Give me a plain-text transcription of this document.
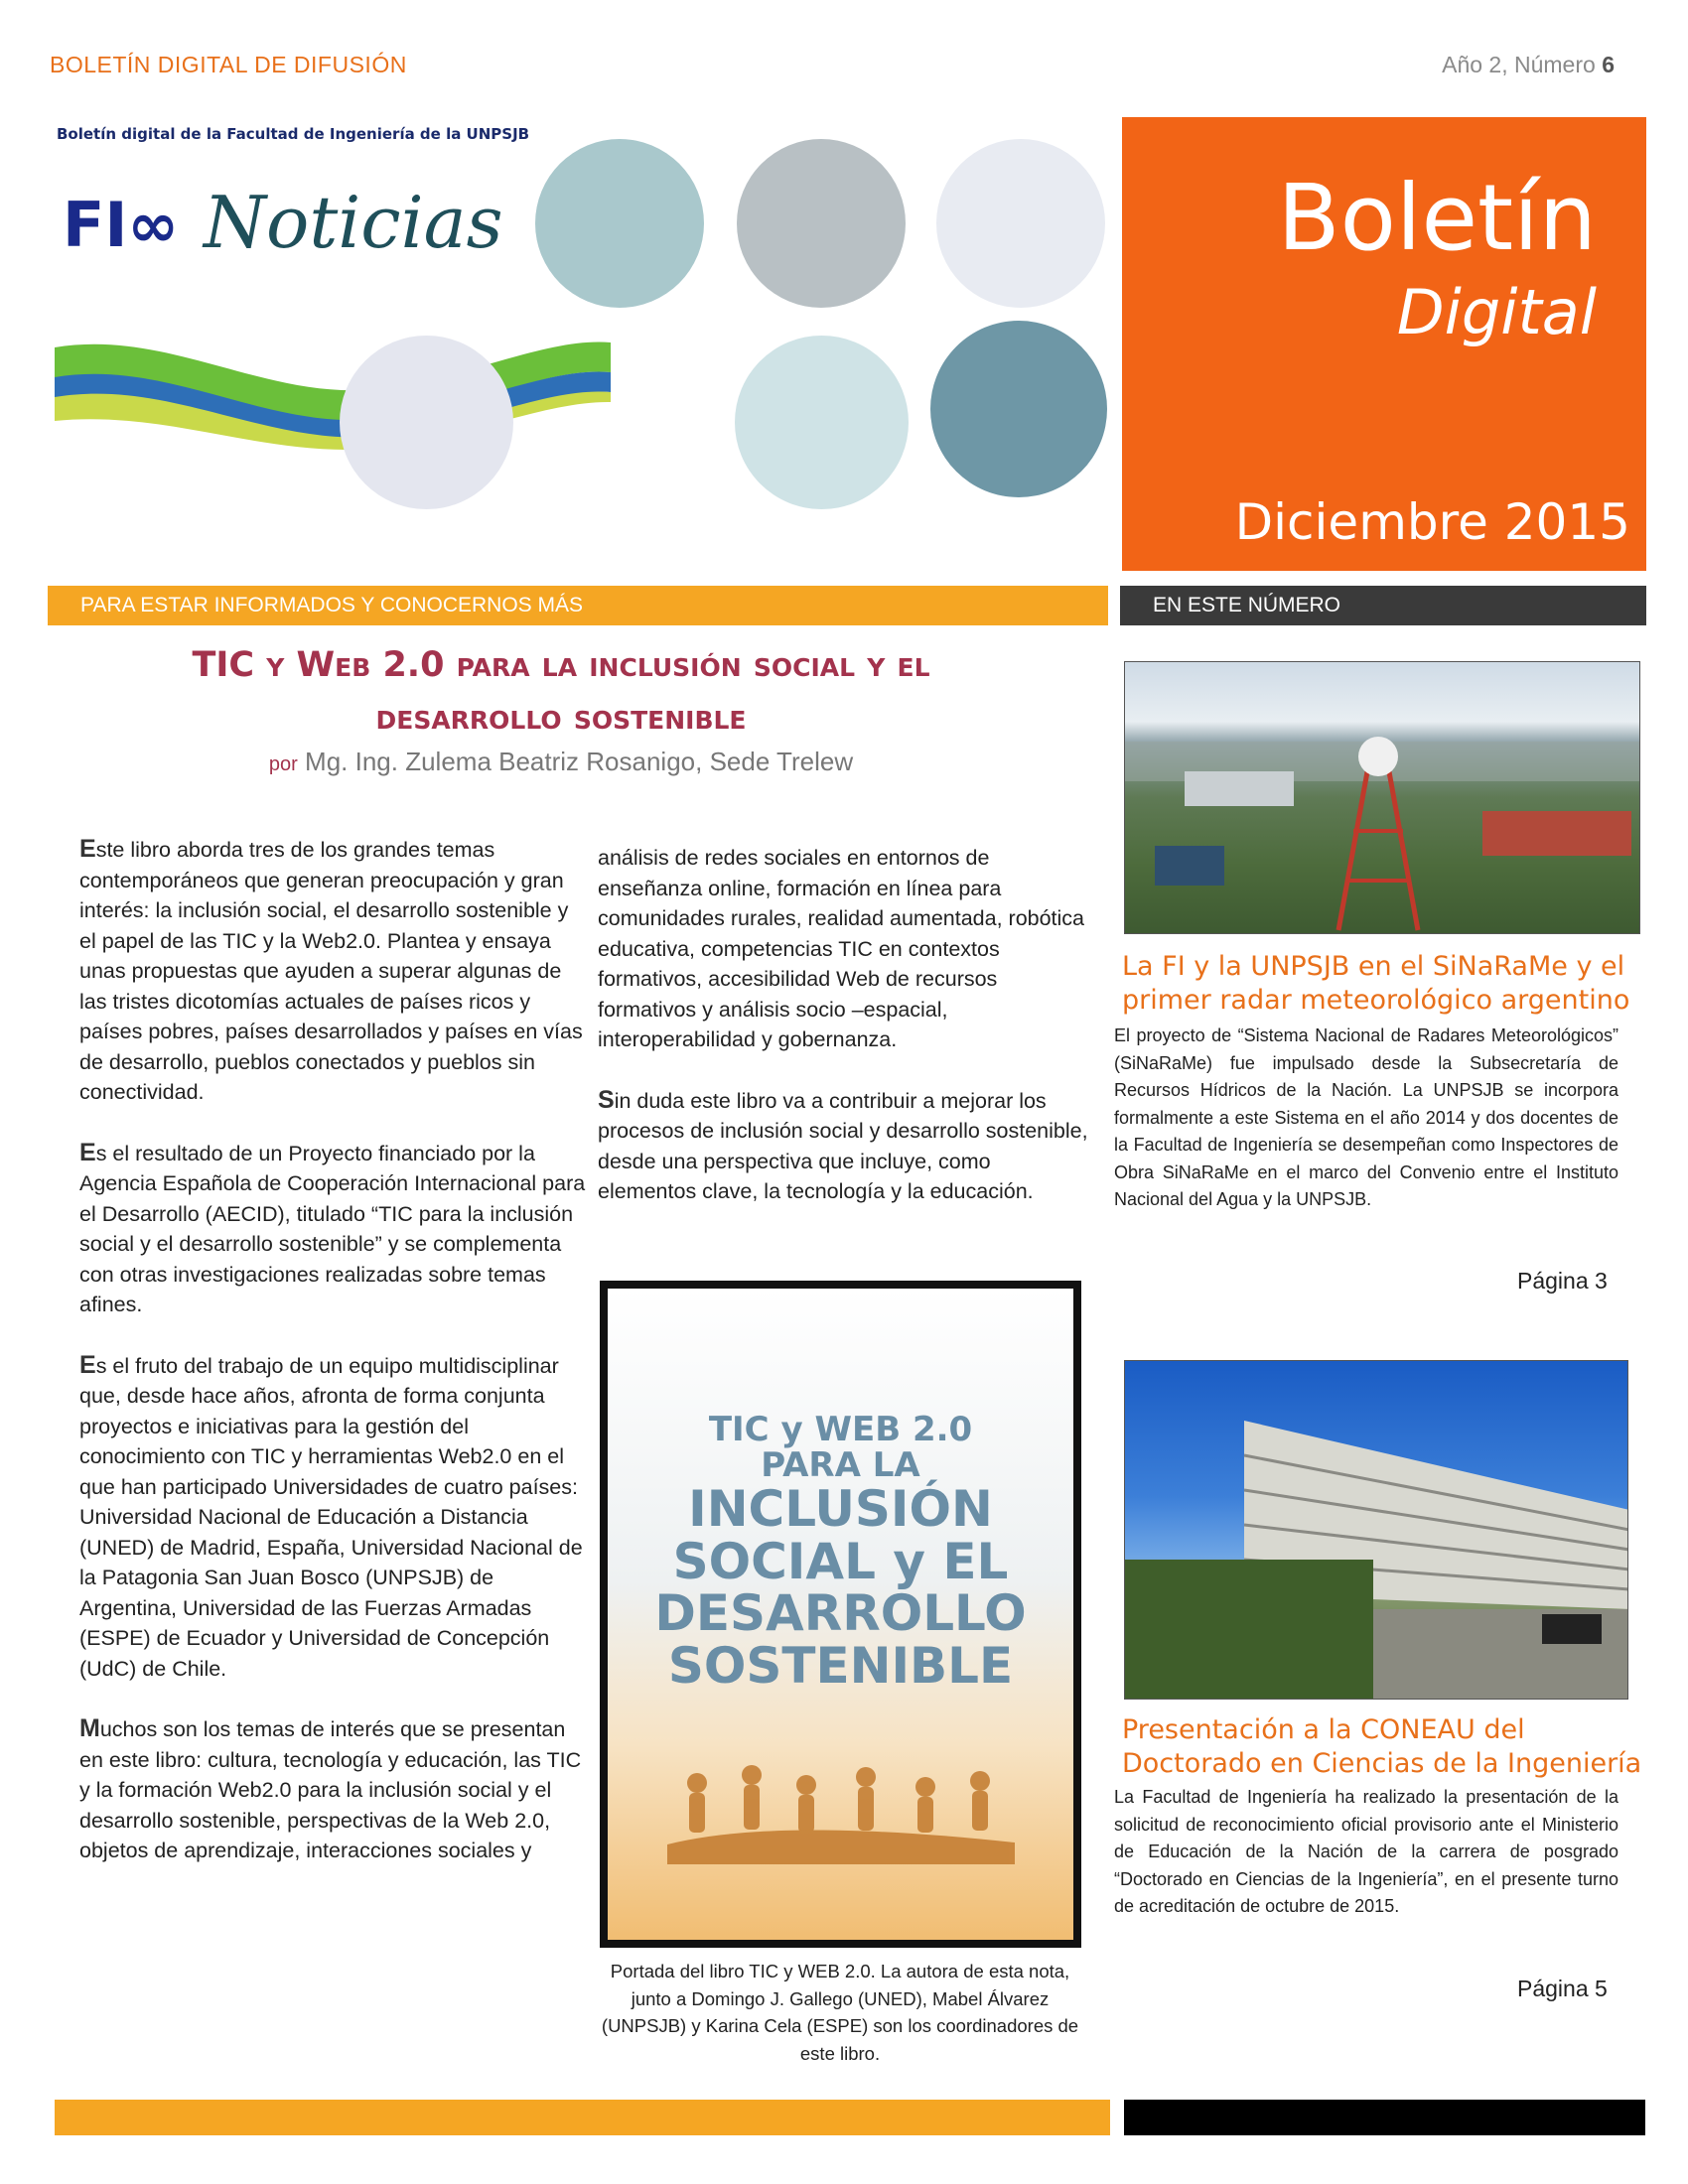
BOLETÍN DIGITAL DE DIFUSIÓN	Año 2, Número 6
Boletín digital de la Facultad de Ingeniería de la UNPSJB
FI∞ Noticias	Boletín
Digital
Diciembre 2015
PARA ESTAR INFORMADOS Y CONOCERNOS MÁS	EN ESTE NÚMERO
TIC y Web 2.0 para la inclusión social y el desarrollo sostenible
por Mg. Ing. Zulema Beatriz Rosanigo, Sede Trelew

Este libro aborda tres de los grandes temas contemporáneos que generan preocupación y gran interés: la inclusión social, el desarrollo sostenible y el papel de las TIC y la Web2.0. Plantea y ensaya unas propuestas que ayuden a superar algunas de las tristes dicotomías actuales de países ricos y países pobres, países desarrollados y países en vías de desarrollo, pueblos conectados y pueblos sin conectividad.

Es el resultado de un Proyecto financiado por la Agencia Española de Cooperación Internacional para el Desarrollo (AECID), titulado “TIC para la inclusión social y el desarrollo sostenible” y se complementa con otras investigaciones realizadas sobre temas afines.

Es el fruto del trabajo de un equipo multidisciplinar que, desde hace años, afronta de forma conjunta proyectos e iniciativas para la gestión del conocimiento con TIC y herramientas Web2.0 en el que han participado Universidades de cuatro países: Universidad Nacional de Educación a Distancia (UNED) de Madrid, España, Universidad Nacional de la Patagonia San Juan Bosco (UNPSJB) de Argentina, Universidad de las Fuerzas Armadas (ESPE) de Ecuador y Universidad de Concepción (UdC) de Chile.

Muchos son los temas de interés que se presentan en este libro: cultura, tecnología y educación, las TIC y la formación Web2.0 para la inclusión social y el desarrollo sostenible, perspectivas de la Web 2.0, objetos de aprendizaje, interacciones sociales y

análisis de redes sociales en entornos de enseñanza online, formación en línea para comunidades rurales, realidad aumentada, robótica educativa, competencias TIC en contextos formativos, accesibilidad Web de recursos formativos y análisis socio –espacial, interoperabilidad y gobernanza.

Sin duda este libro va a contribuir a mejorar los procesos de inclusión social y desarrollo sostenible, desde una perspectiva que incluye, como elementos clave, la tecnología y la educación.

TIC y WEB 2.0
PARA LA
INCLUSIÓN
SOCIAL y EL
DESARROLLO
SOSTENIBLE
Portada del libro TIC y WEB 2.0. La autora de esta nota, junto a Domingo J. Gallego (UNED), Mabel Álvarez (UNPSJB) y Karina Cela (ESPE) son los coordinadores de este libro.
La FI y la UNPSJB en el SiNaRaMe y el primer radar meteorológico argentino
El proyecto de “Sistema Nacional de Radares Meteorológicos” (SiNaRaMe) fue impulsado desde la Subsecretaría de Recursos Hídricos de la Nación. La UNPSJB se incorpora formalmente a este Sistema en el año 2014 y dos docentes de la Facultad de Ingeniería se desempeñan como Inspectores de Obra SiNaRaMe en el marco del Convenio entre el Instituto Nacional del Agua y la UNPSJB.
Página 3
Presentación a la CONEAU del Doctorado en Ciencias de la Ingeniería
La Facultad de Ingeniería ha realizado la presentación de la solicitud de reconocimiento oficial provisorio ante el Ministerio de Educación de la Nación de la carrera de posgrado “Doctorado en Ciencias de la Ingeniería”, en el presente turno de acreditación de octubre de 2015.
Página 5
